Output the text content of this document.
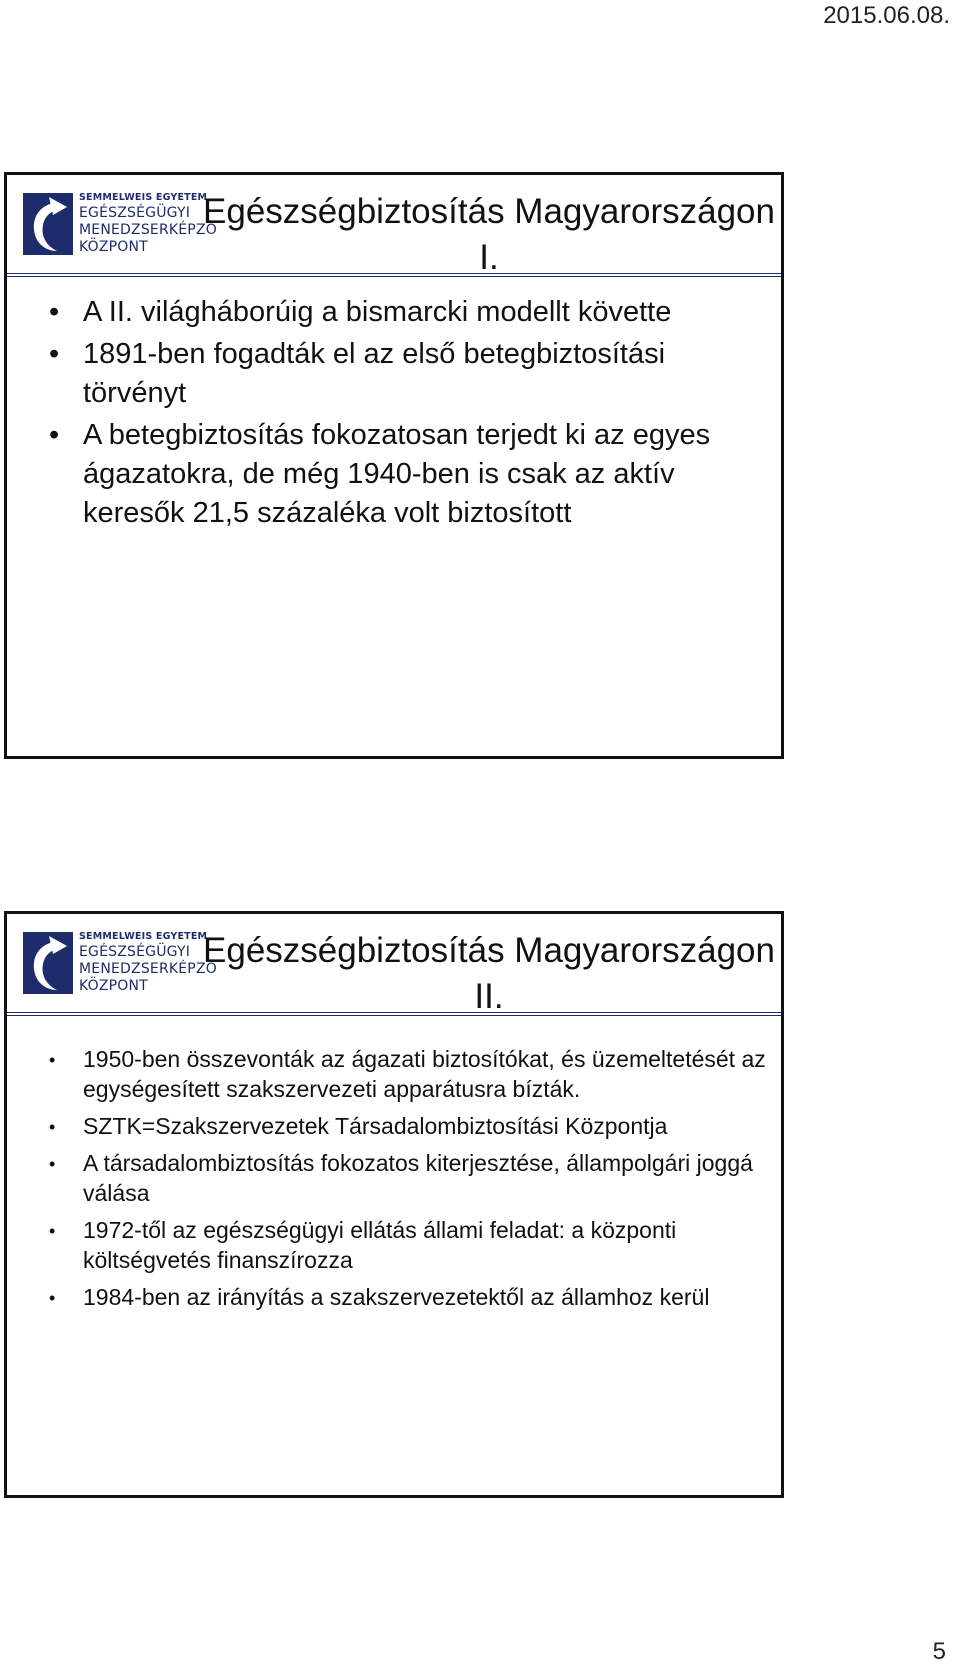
2015.06.08.
SEMMELWEIS EGYETEM
EGÉSZSÉGÜGYI
MENEDZSERKÉPZŐ
KÖZPONT
Egészségbiztosítás Magyarországon
I.
• A II. világháborúig a bismarcki modellt követte
• 1891-ben fogadták el az első betegbiztosítási törvényt
• A betegbiztosítás fokozatosan terjedt ki az egyes ágazatokra, de még 1940-ben is csak az aktív keresők 21,5 százaléka volt biztosított
SEMMELWEIS EGYETEM
EGÉSZSÉGÜGYI
MENEDZSERKÉPZŐ
KÖZPONT
Egészségbiztosítás Magyarországon
II.
• 1950-ben összevonták az ágazati biztosítókat, és üzemeltetését az egységesített szakszervezeti apparátusra bízták.
• SZTK=Szakszervezetek Társadalombiztosítási Központja
• A társadalombiztosítás fokozatos kiterjesztése, állampolgári joggá válása
• 1972-től az egészségügyi ellátás állami feladat: a központi költségvetés finanszírozza
• 1984-ben az irányítás a szakszervezetektől az államhoz kerül
5
